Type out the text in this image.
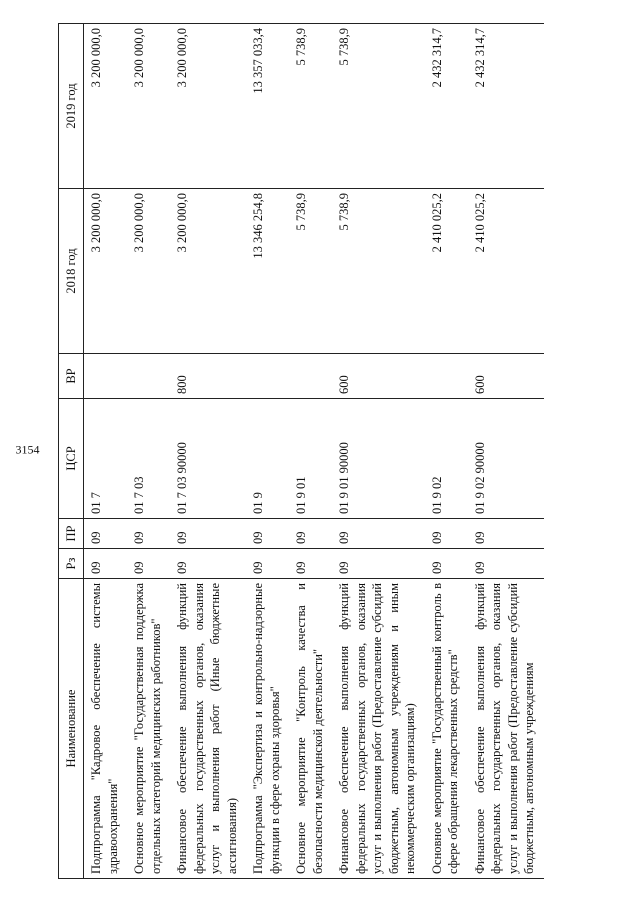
3154
Наименование	Рз	ПР	ЦСР	ВР	2018 год	2019 год
Подпрограмма "Кадровое обеспечение системы здравоохранения"	09	09	01 7		3 200 000,0	3 200 000,0
Основное мероприятие "Государственная поддержка отдельных категорий медицинских работников"	09	09	01 7 03		3 200 000,0	3 200 000,0
Финансовое обеспечение выполнения функций федеральных государственных органов, оказания услуг и выполнения работ (Иные бюджетные ассигнования)	09	09	01 7 03 90000	800	3 200 000,0	3 200 000,0
Подпрограмма "Экспертиза и контрольно-надзорные функции в сфере охраны здоровья"	09	09	01 9		13 346 254,8	13 357 033,4
Основное мероприятие "Контроль качества и безопасности медицинской деятельности"	09	09	01 9 01		5 738,9	5 738,9
Финансовое обеспечение выполнения функций федеральных государственных органов, оказания услуг и выполнения работ (Предоставление субсидий бюджетным, автономным учреждениям и иным некоммерческим организациям)	09	09	01 9 01 90000	600	5 738,9	5 738,9
Основное мероприятие "Государственный контроль в сфере обращения лекарственных средств"	09	09	01 9 02		2 410 025,2	2 432 314,7
Финансовое обеспечение выполнения функций федеральных государственных органов, оказания услуг и выполнения работ (Предоставление субсидий бюджетным, автономным учреждениям	09	09	01 9 02 90000	600	2 410 025,2	2 432 314,7
